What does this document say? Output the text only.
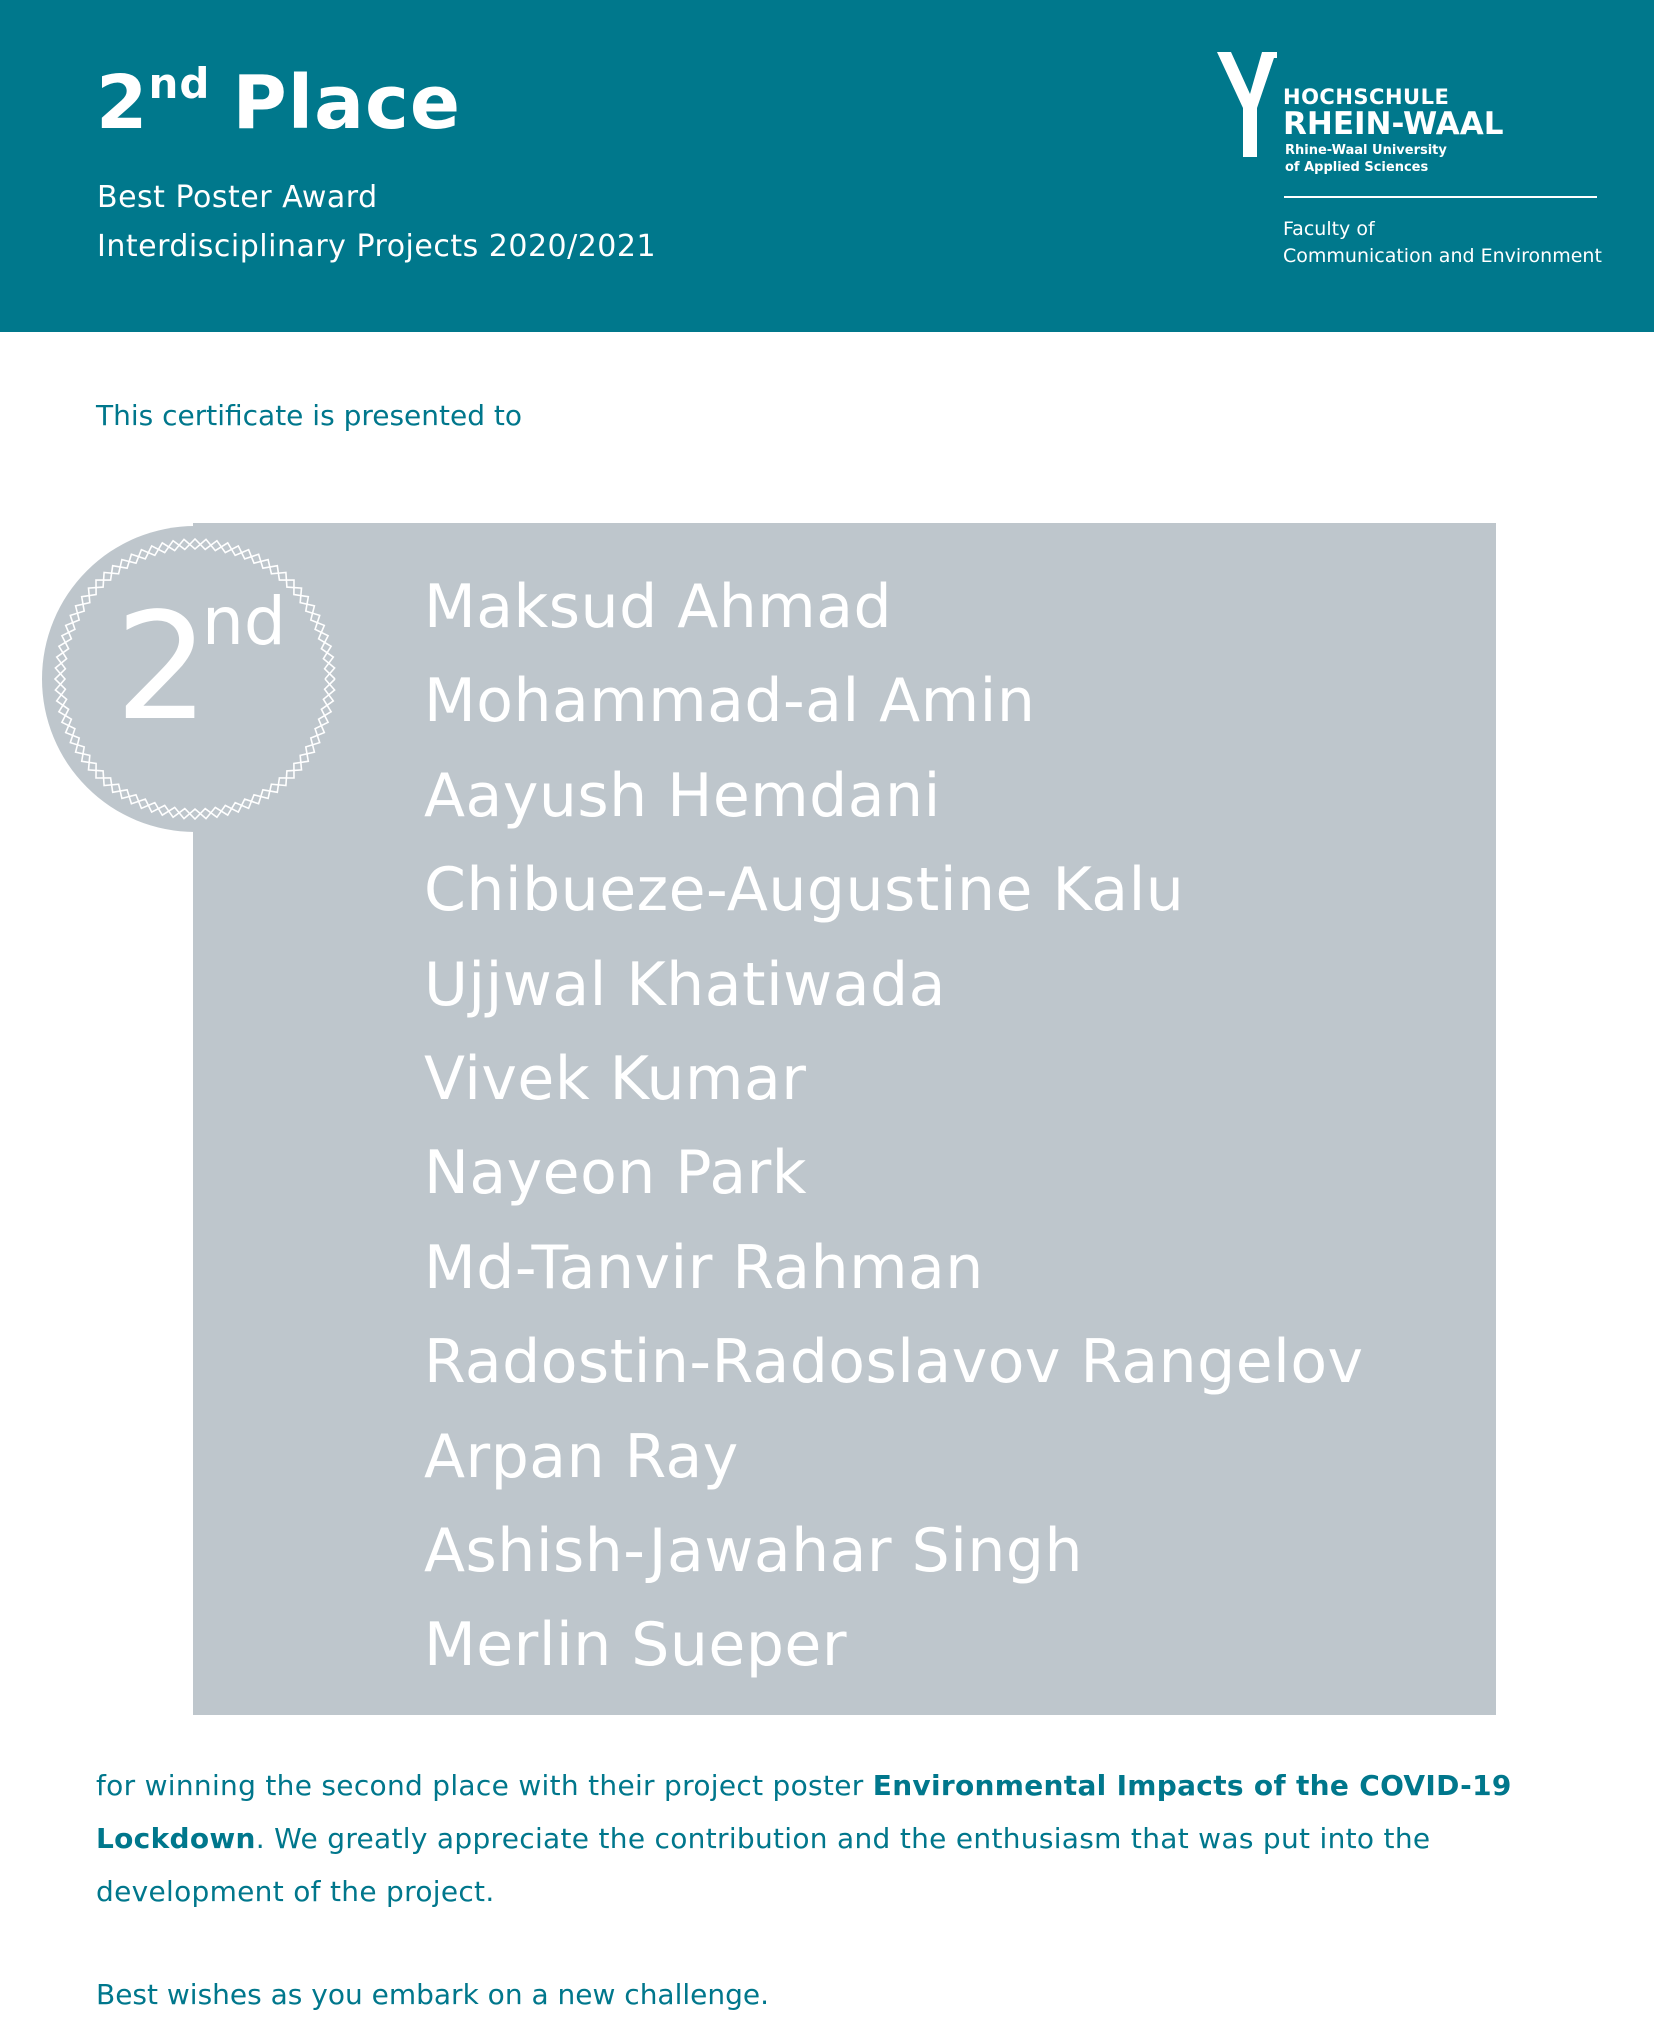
2nd Place
Best Poster Award
Interdisciplinary Projects 2020/2021
HOCHSCHULE
RHEIN-WAAL
Rhine-Waal University
of Applied Sciences
Faculty of
Communication and Environment
This certificate is presented to
2
nd Maksud Ahmad
Mohammad-al Amin
Aayush Hemdani
Chibueze-Augustine Kalu
Ujjwal Khatiwada
Vivek Kumar
Nayeon Park
Md-Tanvir Rahman
Radostin-Radoslavov Rangelov
Arpan Ray
Ashish-Jawahar Singh
Merlin Sueper
for winning the second place with their project poster Environmental Impacts of the COVID-19 Lockdown. We greatly appreciate the contribution and the enthusiasm that was put into the development of the project.
Best wishes as you embark on a new challenge.
